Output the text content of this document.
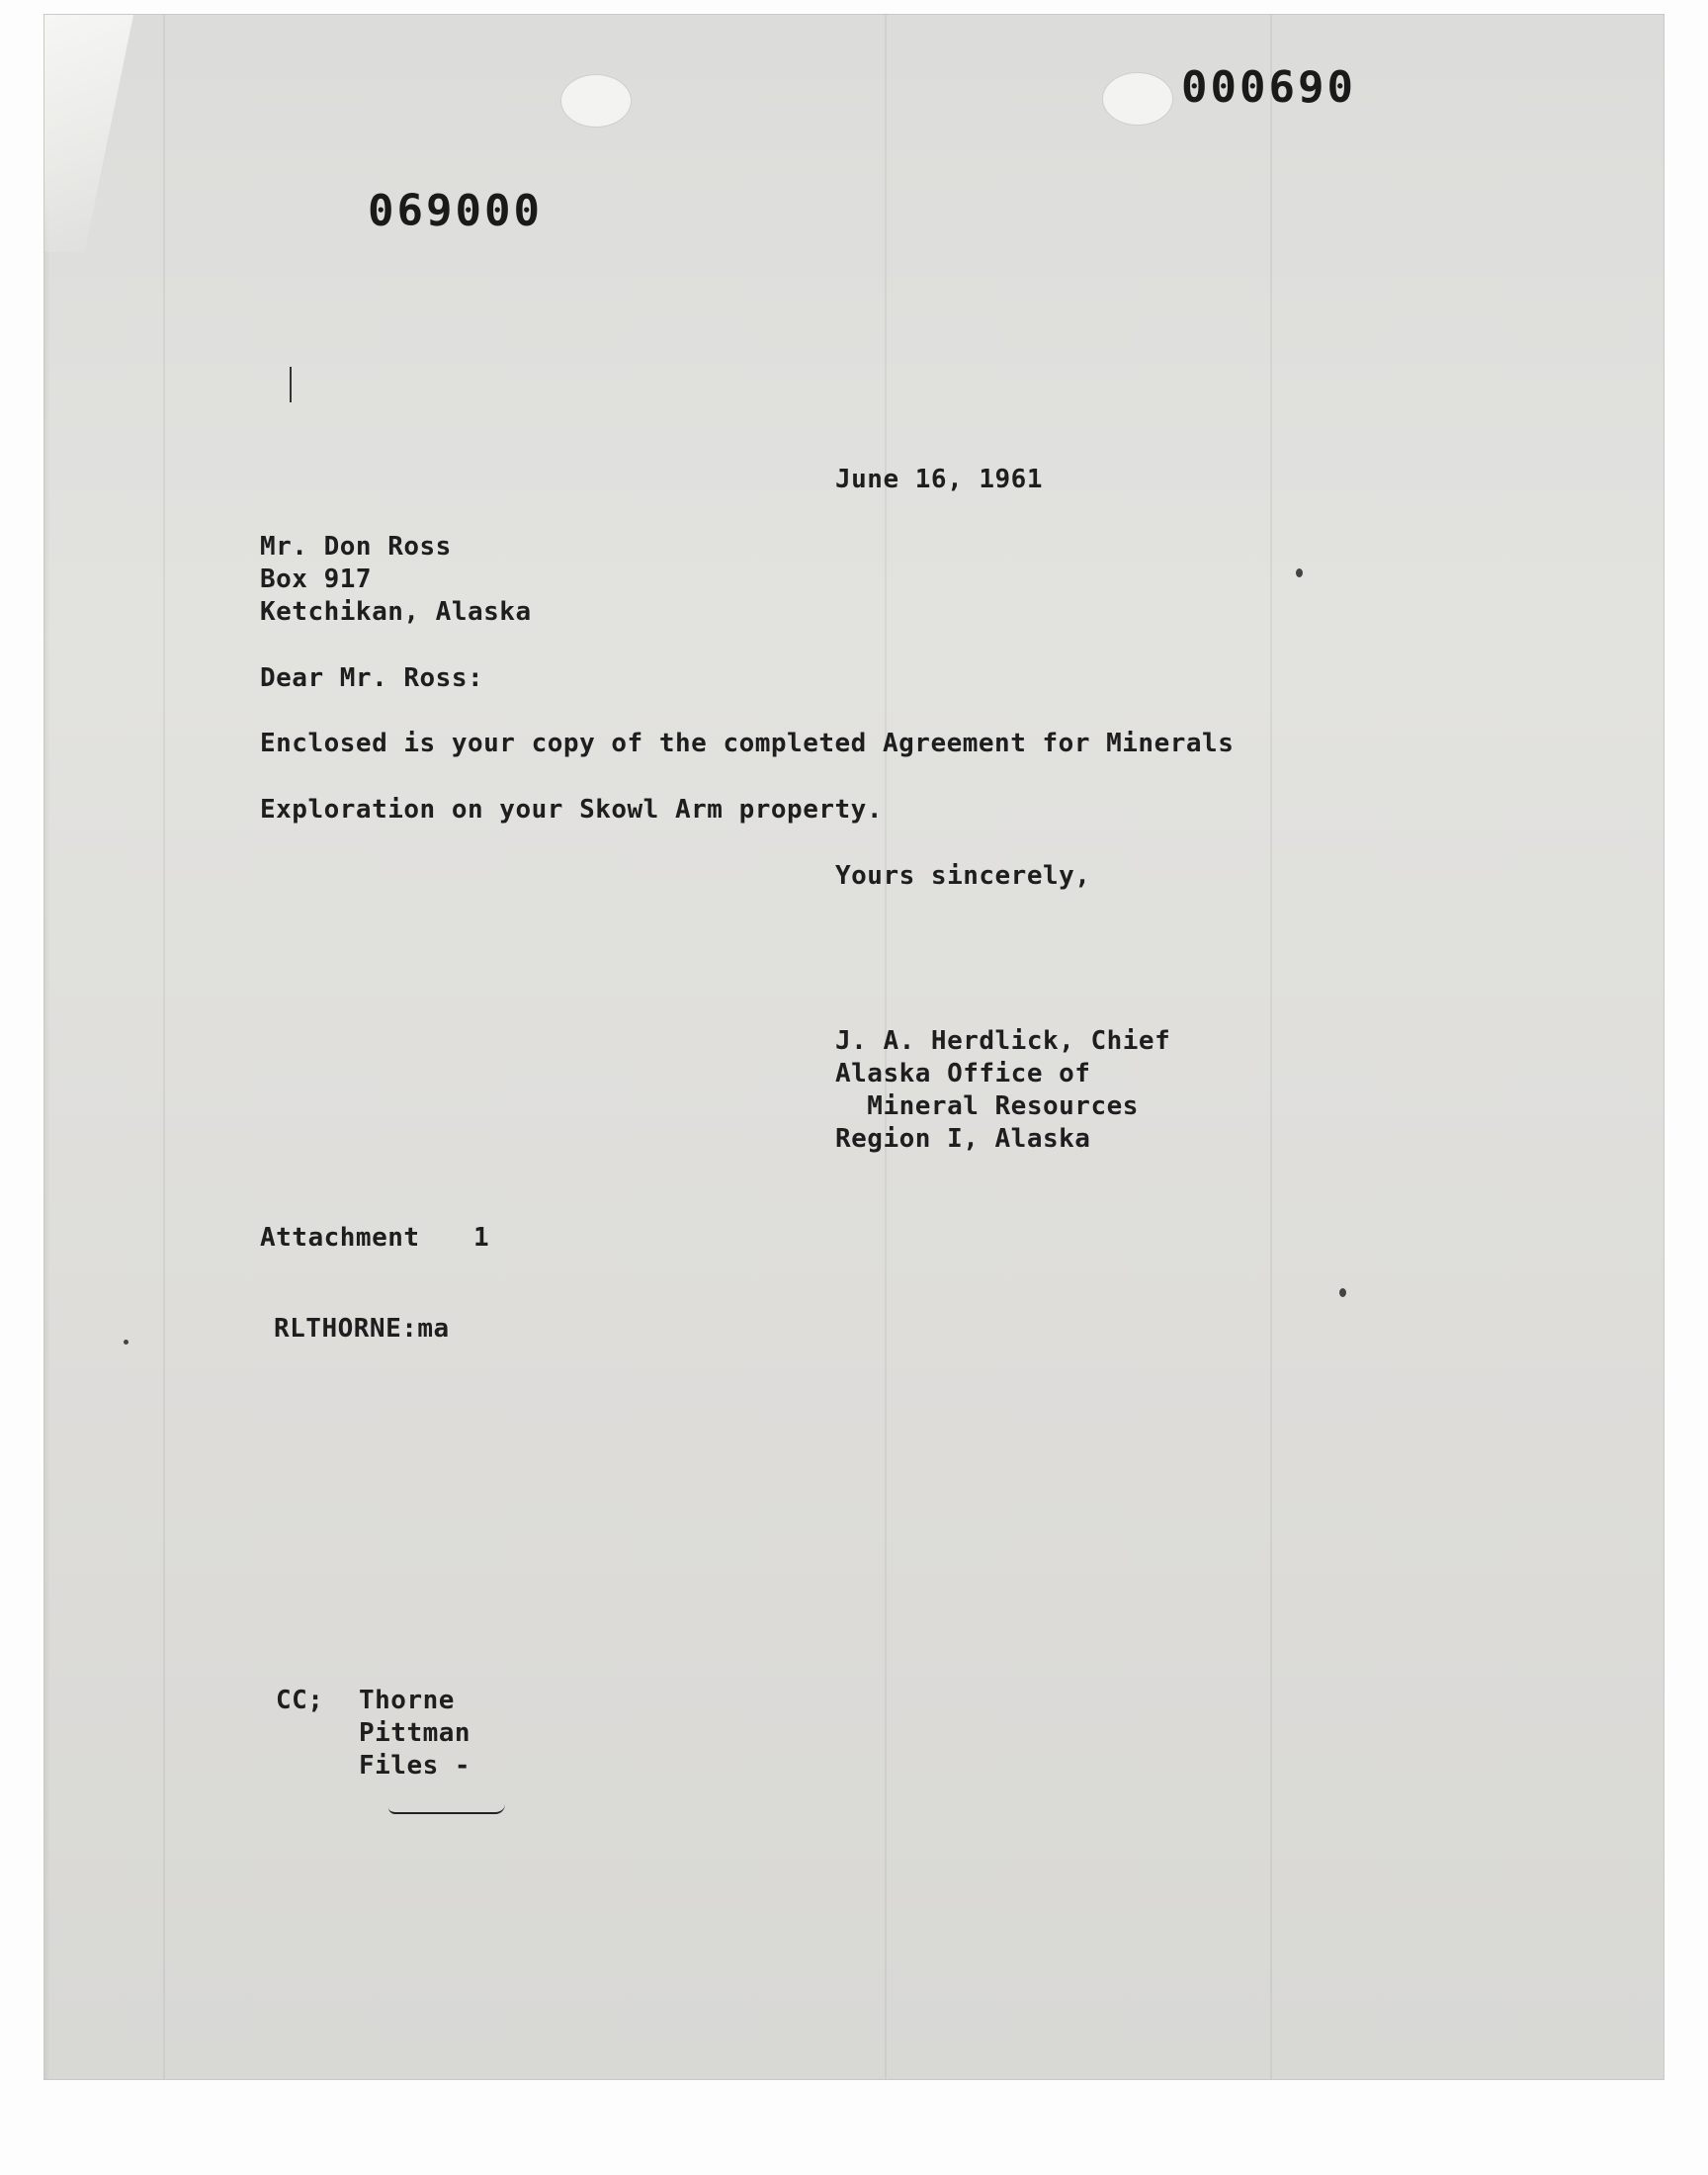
000690
000690
June 16, 1961
Mr. Don Ross
Box 917
Ketchikan, Alaska
Dear Mr. Ross:
Enclosed is your copy of the completed Agreement for Minerals
Exploration on your Skowl Arm property.
Yours sincerely,
J. A. Herdlick, Chief
Alaska Office of
Mineral Resources
Region I, Alaska
Attachment 1
RLTHORNE:ma
CC; Thorne
Pittman
Files -
